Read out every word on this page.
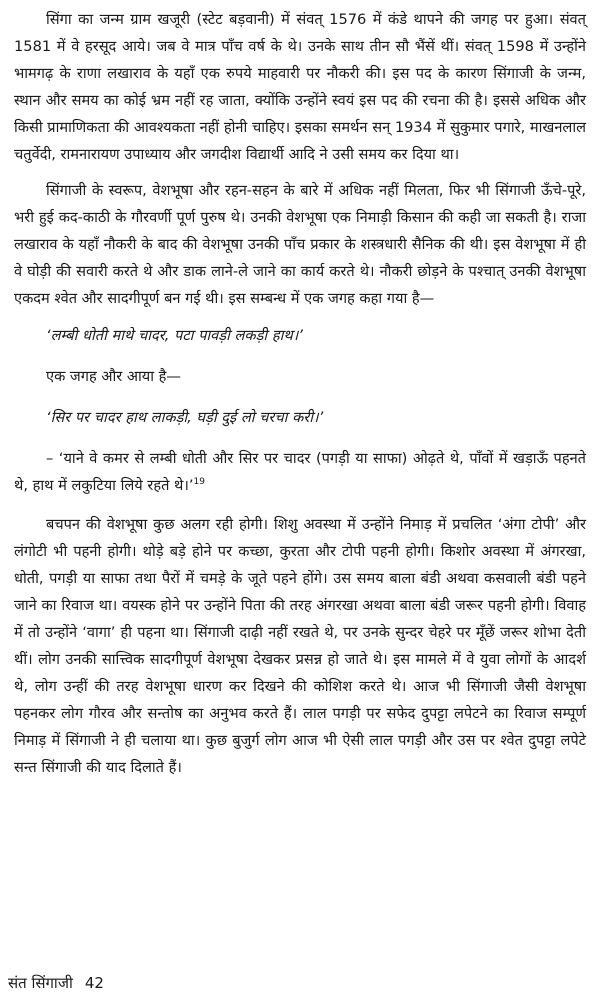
सिंगा का जन्म ग्राम खजूरी (स्टेट बड़वानी) में संवत् 1576 में कंडे थापने की जगह पर हुआ। संवत् 1581 में वे हरसूद आये। जब वे मात्र पाँच वर्ष के थे। उनके साथ तीन सौ भैंसें थीं। संवत् 1598 में उन्होंने भामगढ़ के राणा लखाराव के यहाँ एक रुपये माहवारी पर नौकरी की। इस पद के कारण सिंगाजी के जन्म, स्थान और समय का कोई भ्रम नहीं रह जाता, क्योंकि उन्होंने स्वयं इस पद की रचना की है। इससे अधिक और किसी प्रामाणिकता की आवश्यकता नहीं होनी चाहिए। इसका समर्थन सन् 1934 में सुकुमार पगारे, माखनलाल चतुर्वेदी, रामनारायण उपाध्याय और जगदीश विद्यार्थी आदि ने उसी समय कर दिया था।

सिंगाजी के स्वरूप, वेशभूषा और रहन-सहन के बारे में अधिक नहीं मिलता, फिर भी सिंगाजी ऊँचे-पूरे, भरी हुई कद-काठी के गौरवर्णी पूर्ण पुरुष थे। उनकी वेशभूषा एक निमाड़ी किसान की कही जा सकती है। राजा लखाराव के यहाँ नौकरी के बाद की वेशभूषा उनकी पाँच प्रकार के शस्त्रधारी सैनिक की थी। इस वेशभूषा में ही वे घोड़ी की सवारी करते थे और डाक लाने-ले जाने का कार्य करते थे। नौकरी छोड़ने के पश्चात् उनकी वेशभूषा एकदम श्वेत और सादगीपूर्ण बन गई थी। इस सम्बन्ध में एक जगह कहा गया है—

‘लम्बी धोती माथे चादर, पटा पावड़ी लकड़ी हाथ।’

एक जगह और आया है—

‘सिर पर चादर हाथ लाकड़ी, घड़ी दुई लो चरचा करी।’

– ‘याने वे कमर से लम्बी धोती और सिर पर चादर (पगड़ी या साफा) ओढ़ते थे, पाँवों में खड़ाऊँ पहनते थे, हाथ में लकुटिया लिये रहते थे।’$^{19}$

बचपन की वेशभूषा कुछ अलग रही होगी। शिशु अवस्था में उन्होंने निमाड़ में प्रचलित ‘अंगा टोपी’ और लंगोटी भी पहनी होगी। थोड़े बड़े होने पर कच्छा, कुरता और टोपी पहनी होगी। किशोर अवस्था में अंगरखा, धोती, पगड़ी या साफा तथा पैरों में चमड़े के जूते पहने होंगे। उस समय बाला बंडी अथवा कसवाली बंडी पहने जाने का रिवाज था। वयस्क होने पर उन्होंने पिता की तरह अंगरखा अथवा बाला बंडी जरूर पहनी होगी। विवाह में तो उन्होंने ‘वागा’ ही पहना था। सिंगाजी दाढ़ी नहीं रखते थे, पर उनके सुन्दर चेहरे पर मूँछें जरूर शोभा देती थीं। लोग उनकी सात्त्विक सादगीपूर्ण वेशभूषा देखकर प्रसन्न हो जाते थे। इस मामले में वे युवा लोगों के आदर्श थे, लोग उन्हीं की तरह वेशभूषा धारण कर दिखने की कोशिश करते थे। आज भी सिंगाजी जैसी वेशभूषा पहनकर लोग गौरव और सन्तोष का अनुभव करते हैं। लाल पगड़ी पर सफेद दुपट्टा लपेटने का रिवाज सम्पूर्ण निमाड़ में सिंगाजी ने ही चलाया था। कुछ बुजुर्ग लोग आज भी ऐसी लाल पगड़ी और उस पर श्वेत दुपट्टा लपेटे सन्त सिंगाजी की याद दिलाते हैं।

संत सिंगाजी 42
